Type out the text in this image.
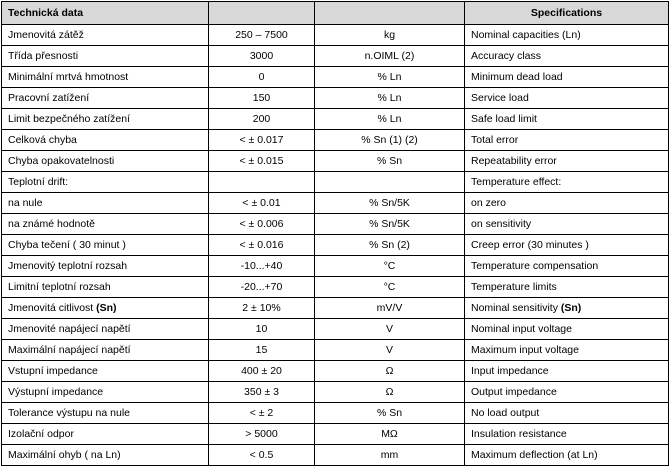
Technická data			Specifications
Jmenovitá zátěž	250 – 7500	kg	Nominal capacities (Ln)
Třída přesnosti	3000	n.OIML (2)	Accuracy class
Minimální mrtvá hmotnost	0	% Ln	Minimum dead load
Pracovní zatížení	150	% Ln	Service load
Limit bezpečného zatížení	200	% Ln	Safe load limit
Celková chyba	< ± 0.017	% Sn (1) (2)	Total error
Chyba opakovatelnosti	< ± 0.015	% Sn	Repeatability error
Teplotní drift:			Temperature effect:
na nule	< ± 0.01	% Sn/5K	on zero
na známé hodnotě	< ± 0.006	% Sn/5K	on sensitivity
Chyba tečení ( 30 minut )	< ± 0.016	% Sn (2)	Creep error (30 minutes )
Jmenovitý teplotní rozsah	-10...+40	°C	Temperature compensation
Limitní teplotní rozsah	-20...+70	°C	Temperature limits
Jmenovitá citlivost (Sn)	2 ± 10%	mV/V	Nominal sensitivity (Sn)
Jmenovité napájecí napětí	10	V	Nominal input voltage
Maximální napájecí napětí	15	V	Maximum input voltage
Vstupní impedance	400 ± 20	Ω	Input impedance
Výstupní impedance	350 ± 3	Ω	Output impedance
Tolerance výstupu na nule	< ± 2	% Sn	No load output
Izolační odpor	> 5000	MΩ	Insulation resistance
Maximální ohyb ( na Ln)	< 0.5	mm	Maximum deflection (at Ln)
